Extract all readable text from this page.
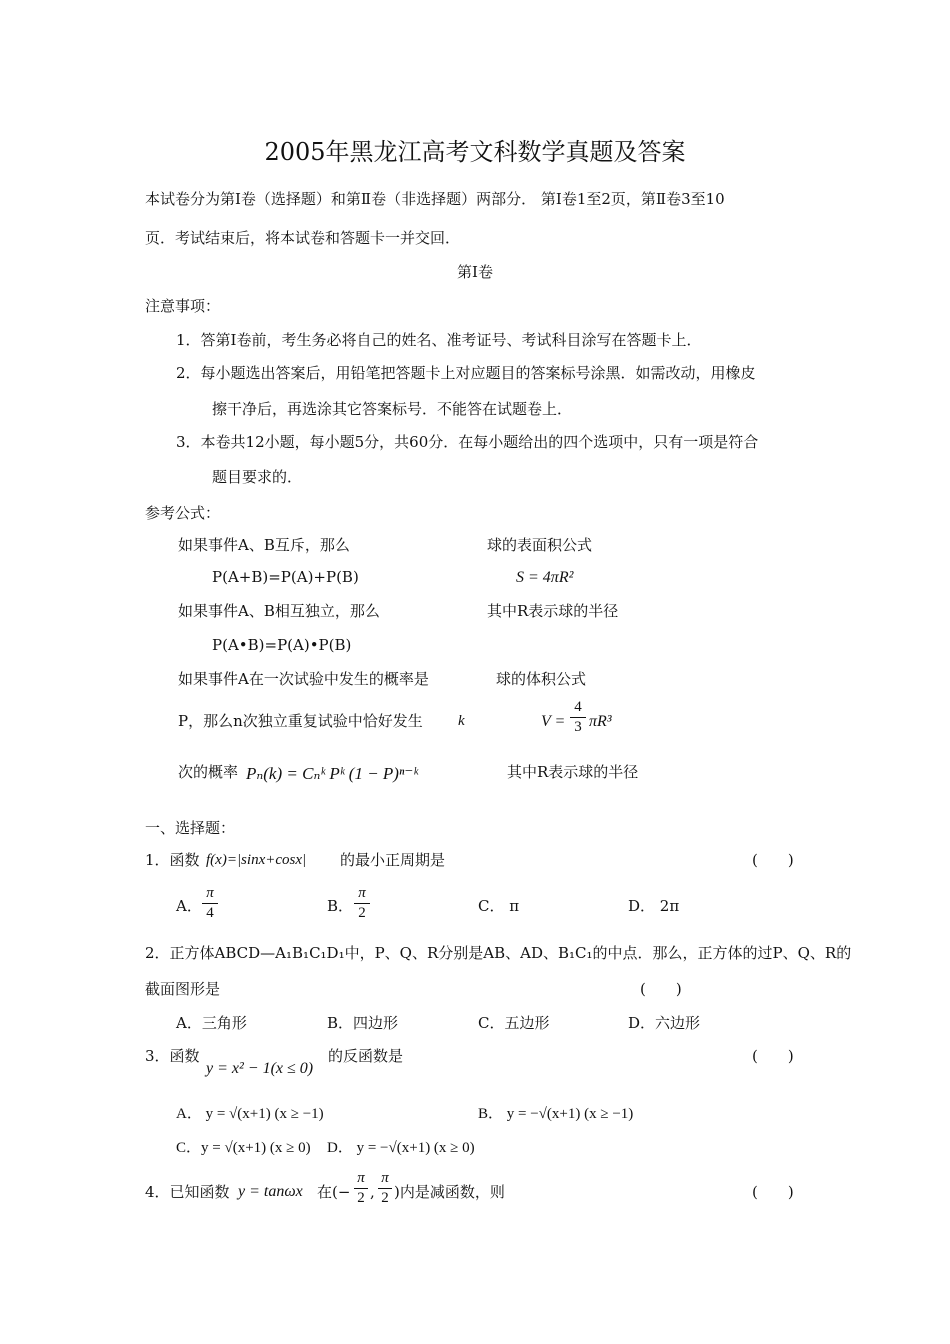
2005年黑龙江高考文科数学真题及答案
本试卷分为第Ⅰ卷（选择题）和第Ⅱ卷（非选择题）两部分． 第Ⅰ卷1至2页，第Ⅱ卷3至10
页．考试结束后，将本试卷和答题卡一并交回．
第Ⅰ卷
注意事项：
1．答第Ⅰ卷前，考生务必将自己的姓名、准考证号、考试科目涂写在答题卡上．
2．每小题选出答案后，用铅笔把答题卡上对应题目的答案标号涂黑．如需改动，用橡皮
擦干净后，再选涂其它答案标号．不能答在试题卷上．
3．本卷共12小题，每小题5分，共60分．在每小题给出的四个选项中，只有一项是符合
题目要求的．
参考公式：
如果事件A、B互斥，那么
P(A+B)=P(A)+P(B)
如果事件A、B相互独立，那么
P(A•B)=P(A)•P(B)
如果事件A在一次试验中发生的概率是
P，那么n次独立重复试验中恰好发生 k
次的概率 Pₙ(k) = Cₙᵏ Pᵏ (1 − P)ⁿ⁻ᵏ
球的表面积公式
S = 4πR²
其中R表示球的半径
球的体积公式
V =
4
3 πR³
其中R表示球的半径
一、选择题：
1．函数 f(x)=|sinx+cosx| 的最小正周期是	(　　)
A．
π
4	B．
π
2	C． π	D． 2π
2．正方体ABCD—A₁B₁C₁D₁中，P、Q、R分别是AB、AD、B₁C₁的中点．那么，正方体的过P、Q、R的
截面图形是	(　　)
A．三角形	B．四边形	C．五边形	D．六边形
3．函数
y = x² − 1(x ≤ 0)
的反函数是	(　　)
A． y = √(x+1) (x ≥ −1)	B． y = −√(x+1) (x ≥ −1)
C．y = √(x+1) (x ≥ 0) D． y = −√(x+1) (x ≥ 0)
4．已知函数 y = tanωx 在(−
π
2 ,
π
2 )内是减函数，则	(　　)
